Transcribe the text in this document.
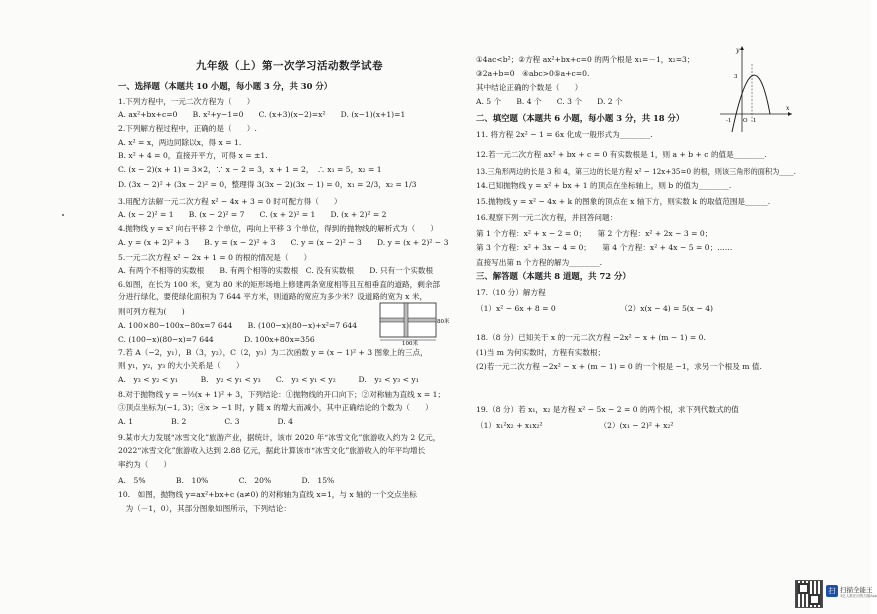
九年级（上）第一次学习活动数学试卷
一、选择题（本题共 10 小题，每小题 3 分，共 30 分）
1.下列方程中，一元二次方程为（　　）
A. ax²+bx+c=0　　B. x²+y−1=0　　C. (x+3)(x−2)=x²　　D. (x−1)(x+1)=1
2.下列解方程过程中，正确的是（　　）.
A. x² = x，两边同除以x，得 x = 1.
B. x² + 4 = 0，直接开平方，可得 x = ±1.
C. (x − 2)(x + 1) = 3×2，∵ x − 2 = 3，x + 1 = 2，　∴ x₁ = 5，x₂ = 1
D. (3x − 2)² + (3x − 2)² = 0，整理得 3(3x − 2)(3x − 1) = 0，x₁ = 2/3，x₂ = 1/3
3.用配方法解一元二次方程 x² − 4x + 3 = 0 时可配方得（　　）
A. (x − 2)² = 1　　B. (x − 2)² = 7　　C. (x + 2)² = 1　　D. (x + 2)² = 2
4.抛物线 y = x² 向右平移 2 个单位，再向上平移 3 个单位，得到的抛物线的解析式为（　　）
A. y = (x + 2)² + 3　　B. y = (x − 2)² + 3　　C. y = (x − 2)² − 3　　D. y = (x + 2)² − 3
5.一元二次方程 x² − 2x + 1 = 0 的根的情况是（　　）
A. 有两个不相等的实数根　　B. 有两个相等的实数根　C. 没有实数根　　D. 只有一个实数根
6.如图，在长为 100 米，宽为 80 米的矩形场地上修建两条宽度相等且互相垂直的道路，剩余部
分进行绿化，要使绿化面积为 7 644 平方米，则道路的宽应为多少米？设道路的宽为 x 米，
则可列方程为(　　)
A. 100×80−100x−80x=7 644　　B. (100−x)(80−x)+x²=7 644
C. (100−x)(80−x)=7 644　　　　D. 100x+80x=356
7.若 A（−2，y₁），B（3，y₂），C（2，y₃）为二次函数 y = (x − 1)² + 3 图象上的三点，
则 y₁，y₂，y₃ 的大小关系是（　　）
A.　y₃ < y₂ < y₁　　　B.　y₂ < y₁ < y₃　　C.　y₃ < y₁ < y₂　　　D.　y₂ < y₃ < y₁
8.对于抛物线 y = −½(x + 1)² + 3，下列结论：①抛物线的开口向下；②对称轴为直线 x = 1；
③顶点坐标为(−1, 3)；④x > −1 时，y 随 x 的增大而减小，其中正确结论的个数为（　　）
A. 1　　　　　B. 2　　　　　C. 3　　　　　D. 4
9.某市大力发展“冰雪文化”旅游产业，据统计，该市 2020 年“冰雪文化”旅游收入约为 2 亿元，
2022“冰雪文化”旅游收入达到 2.88 亿元，据此计算该市“冰雪文化”旅游收入的年平均增长
率约为（　　）
A.　5%　　　　B.　10%　　　　C.　20%　　　　D.　15%
10.　如图，抛物线 y=ax²+bx+c (a≠0) 的对称轴为直线 x=1，与 x 轴的一个交点坐标
　为（－1，0），其部分图象如图所示，下列结论：
①4ac<b²；②方程 ax²+bx+c=0 的两个根是 x₁=－1，x₂=3；
③2a+b=0　④abc>0⑤a+c=0.
其中结论正确的个数是（　　）
A. 5 个　　B. 4 个　　C. 3 个　　D. 2 个
二、填空题（本题共 6 小题，每小题 3 分，共 18 分）
11. 将方程 2x² − 1 = 6x 化成一般形式为________.
12.若一元二次方程 ax² + bx + c = 0 有实数根是 1，则 a + b + c 的值是________.
13.三角形两边的长是 3 和 4，第三边的长是方程 x² − 12x+35=0 的根，则该三角形的面积为____.
14.已知抛物线 y = x² + bx + 1 的顶点在坐标轴上，则 b 的值为________.
15.抛物线 y = x² − 4x + k 的图象的顶点在 x 轴下方，则实数 k 的取值范围是______.
16.观察下列一元二次方程，并回答问题：
第 1 个方程：x² + x − 2 = 0；　　第 2 个方程：x² + 2x − 3 = 0；
第 3 个方程：x² + 3x − 4 = 0；　　第 4 个方程：x² + 4x − 5 = 0；……
直接写出第 n 个方程的解为________.
三、解答题（本题共 8 道题，共 72 分）
17.（10 分）解方程
（1）x² − 6x + 8 = 0　　　　　　　　　（2）x(x − 4) = 5(x − 4)
18.（8 分）已知关于 x 的一元二次方程 −2x² − x + (m − 1) = 0.
(1)当 m 为何实数时，方程有实数根；
(2)若一元二次方程 −2x² − x + (m − 1) = 0 的一个根是 −1，求另一个根及 m 值.
19.（8 分）若 x₁，x₂ 是方程 x² − 5x − 2 = 0 的两个根，求下列代数式的值
（1）x₁²x₂ + x₁x₂²　　　　　　　　（2）(x₁ − 2)² + x₂²
100米
80米
y
x
O
3
-1	1
扫 扫描全能王
3亿人都在用的扫描App
